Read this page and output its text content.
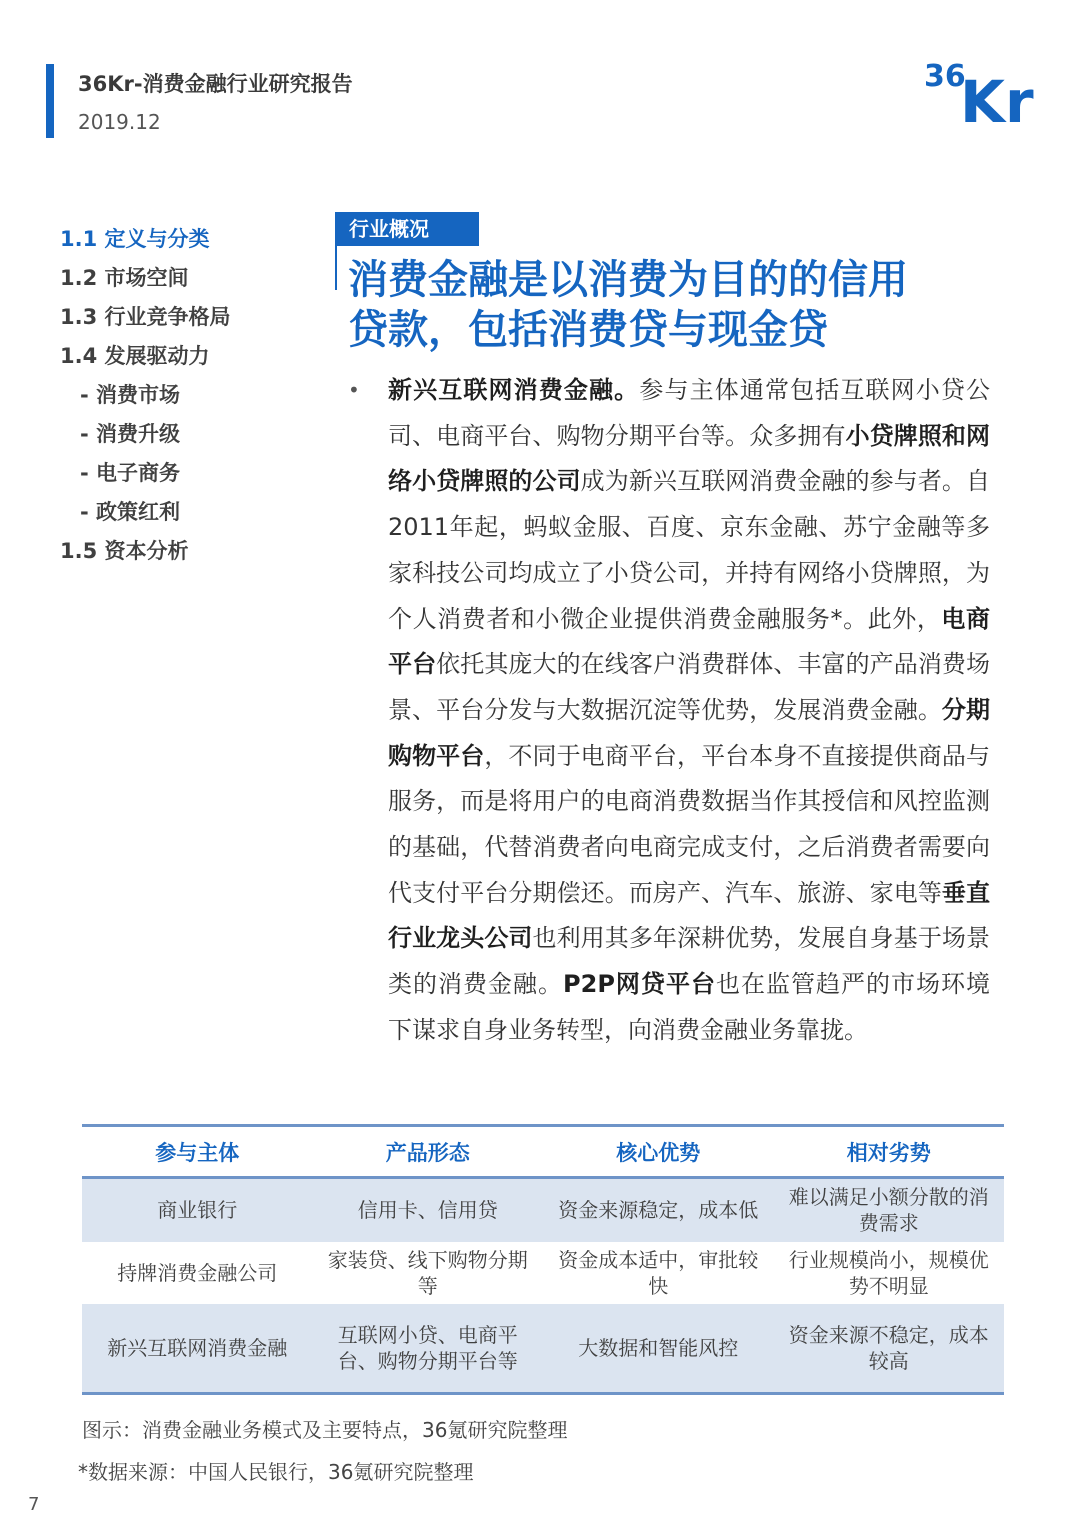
36Kr-消费金融行业研究报告
2019.12
36
Kr
1.1 定义与分类
1.2 市场空间
1.3 行业竞争格局
1.4 发展驱动力
- 消费市场
- 消费升级
- 电子商务
- 政策红利
1.5 资本分析
行业概况
消费金融是以消费为目的的信用
贷款，包括消费贷与现金贷
• 新兴互联网消费金融。参与主体通常包括互联网小贷公司、电商平台、购物分期平台等。众多拥有小贷牌照和网络小贷牌照的公司成为新兴互联网消费金融的参与者。自2011年起，蚂蚁金服、百度、京东金融、苏宁金融等多家科技公司均成立了小贷公司，并持有网络小贷牌照，为个人消费者和小微企业提供消费金融服务*。此外，电商平台依托其庞大的在线客户消费群体、丰富的产品消费场景、平台分发与大数据沉淀等优势，发展消费金融。分期购物平台，不同于电商平台，平台本身不直接提供商品与服务，而是将用户的电商消费数据当作其授信和风控监测的基础，代替消费者向电商完成支付，之后消费者需要向代支付平台分期偿还。而房产、汽车、旅游、家电等垂直行业龙头公司也利用其多年深耕优势，发展自身基于场景类的消费金融。P2P网贷平台也在监管趋严的市场环境下谋求自身业务转型，向消费金融业务靠拢。
参与主体	产品形态	核心优势	相对劣势
商业银行	信用卡、信用贷	资金来源稳定，成本低	难以满足小额分散的消费需求
持牌消费金融公司	家装贷、线下购物分期等	资金成本适中，审批较快	行业规模尚小，规模优势不明显
新兴互联网消费金融	互联网小贷、电商平台、购物分期平台等	大数据和智能风控	资金来源不稳定，成本较高
图示：消费金融业务模式及主要特点，36氪研究院整理
*数据来源：中国人民银行，36氪研究院整理
7
